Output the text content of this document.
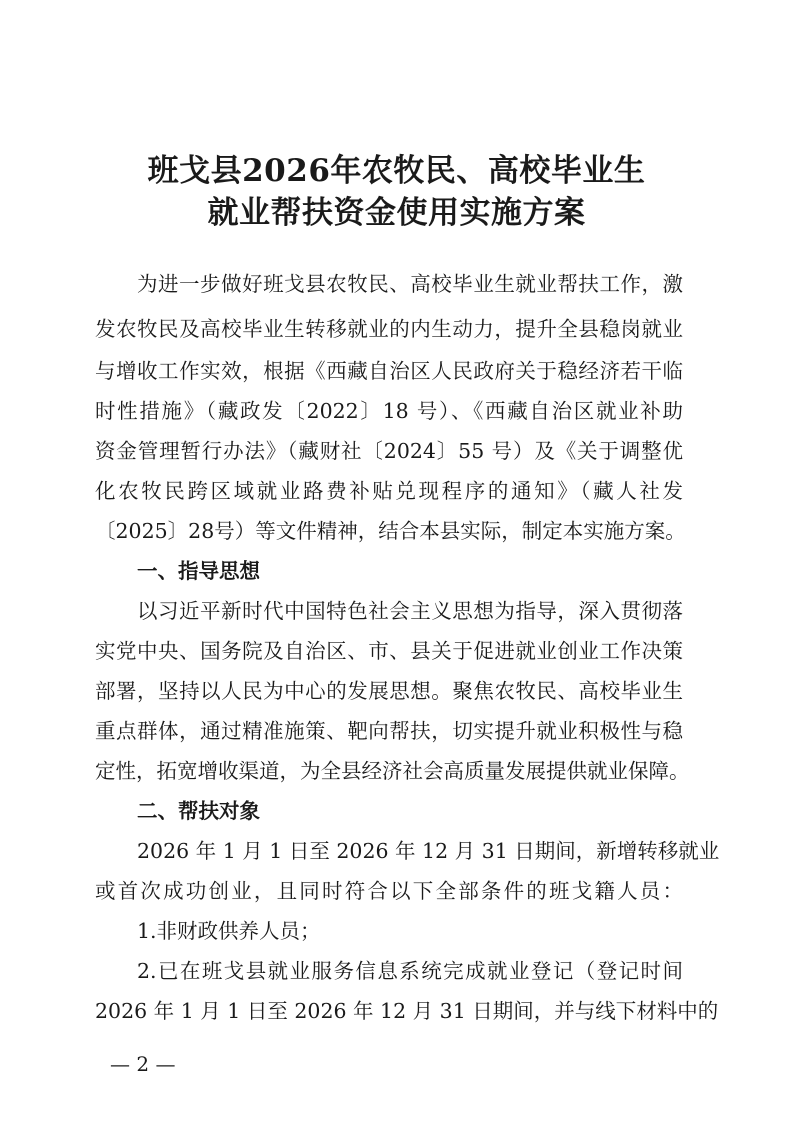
班戈县2026年农牧民、高校毕业生
就业帮扶资金使用实施方案
为进一步做好班戈县农牧民、高校毕业生就业帮扶工作，激
发农牧民及高校毕业生转移就业的内生动力，提升全县稳岗就业
与增收工作实效，根据《西藏自治区人民政府关于稳经济若干临
时性措施》（藏政发〔2022〕18 号）、《西藏自治区就业补助
资金管理暂行办法》（藏财社〔2024〕55 号）及《关于调整优
化农牧民跨区域就业路费补贴兑现程序的通知》（藏人社发
〔2025〕28号）等文件精神，结合本县实际，制定本实施方案。
一、指导思想
以习近平新时代中国特色社会主义思想为指导，深入贯彻落
实党中央、国务院及自治区、市、县关于促进就业创业工作决策
部署，坚持以人民为中心的发展思想。聚焦农牧民、高校毕业生
重点群体，通过精准施策、靶向帮扶，切实提升就业积极性与稳
定性，拓宽增收渠道，为全县经济社会高质量发展提供就业保障。
二、帮扶对象
2026 年 1 月 1 日至 2026 年 12 月 31 日期间，新增转移就业
或首次成功创业，且同时符合以下全部条件的班戈籍人员：
1.非财政供养人员；
2.已在班戈县就业服务信息系统完成就业登记（登记时间
2026 年 1 月 1 日至 2026 年 12 月 31 日期间，并与线下材料中的
— 2 —
